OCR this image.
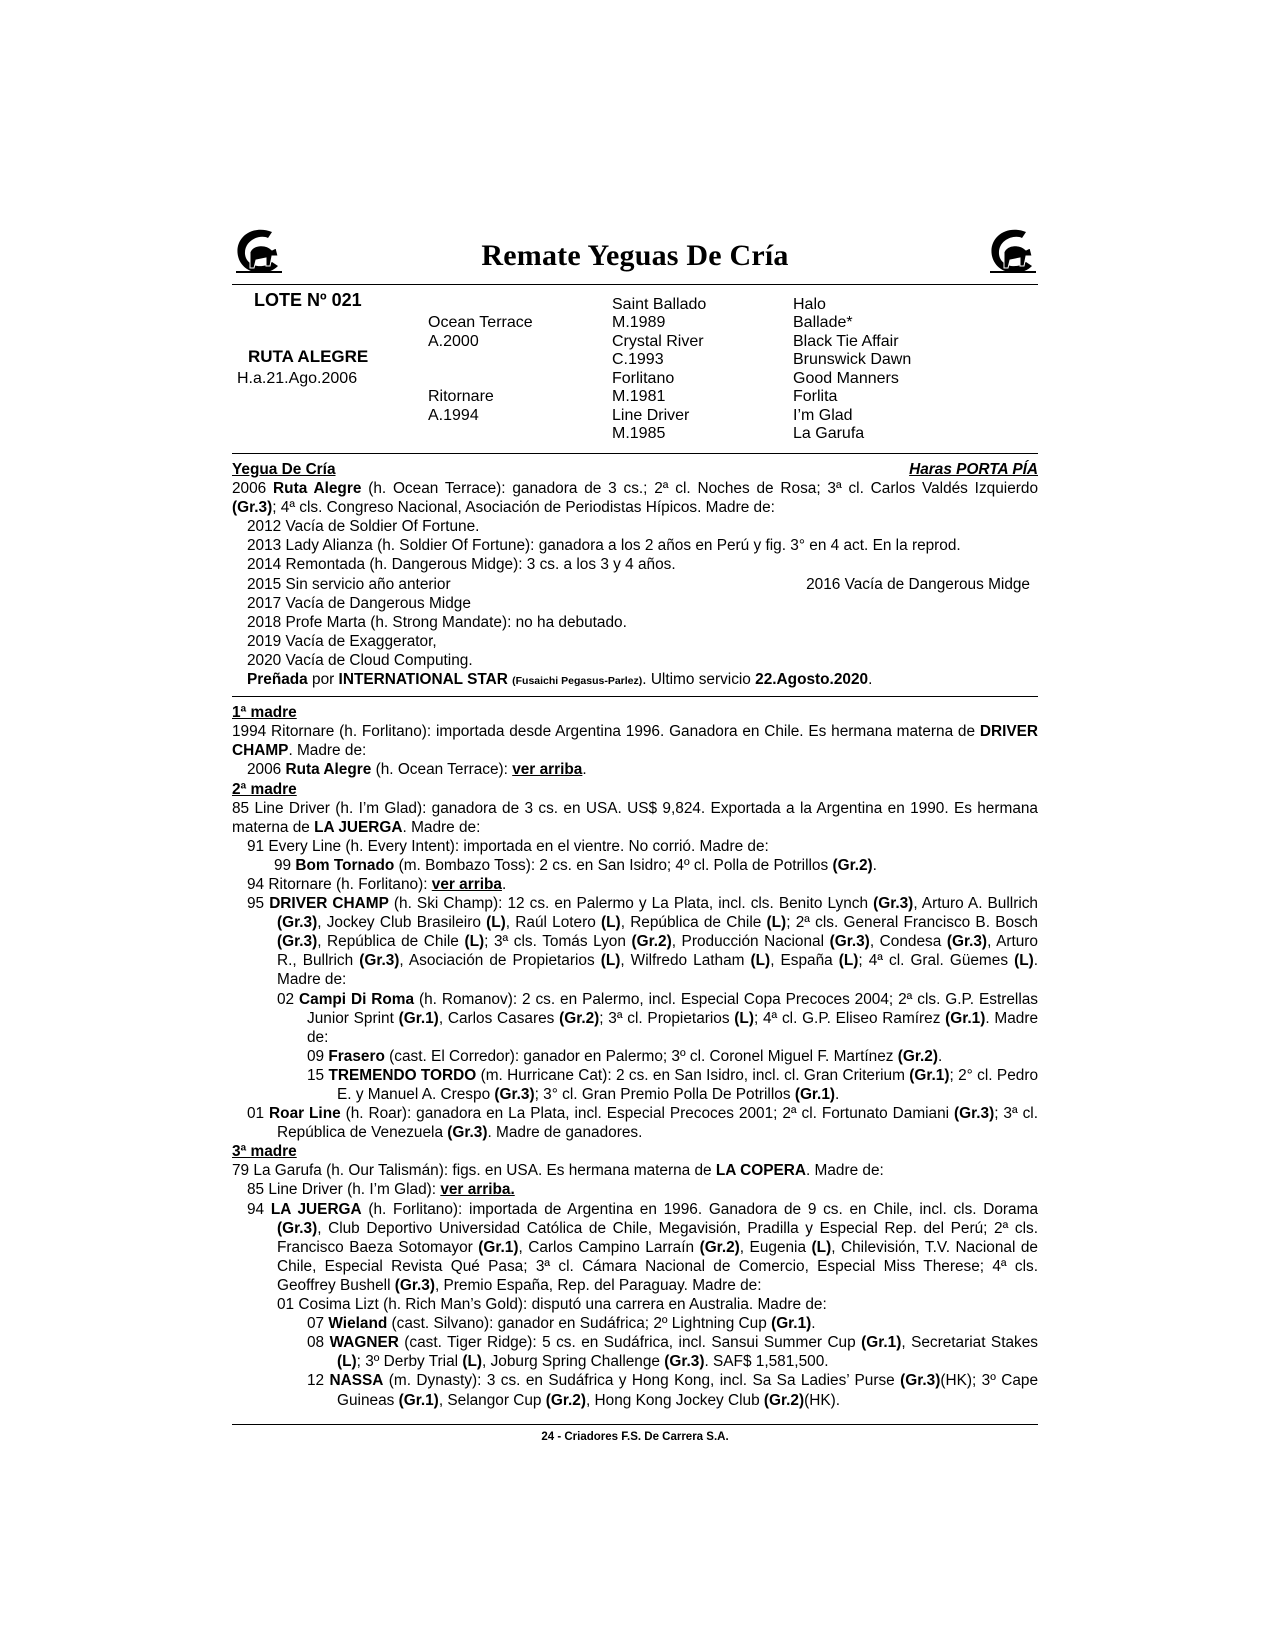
Remate Yeguas De Cría
LOTE Nº 021
RUTA ALEGRE
H.a.21.Ago.2006
Ocean Terrace
A.2000
Ritornare
A.1994
Saint Ballado
M.1989
Crystal River
C.1993
Forlitano
M.1981
Line Driver
M.1985
Halo
Ballade*
Black Tie Affair
Brunswick Dawn
Good Manners
Forlita
I’m Glad
La Garufa
Yegua De Cría	Haras PORTA PÍA
2006 Ruta Alegre (h. Ocean Terrace): ganadora de 3 cs.; 2ª cl. Noches de Rosa; 3ª cl. Carlos Valdés Izquierdo (Gr.3); 4ª cls. Congreso Nacional, Asociación de Periodistas Hípicos. Madre de:
2012 Vacía de Soldier Of Fortune.
2013 Lady Alianza (h. Soldier Of Fortune): ganadora a los 2 años en Perú y fig. 3° en 4 act. En la reprod.
2014 Remontada (h. Dangerous Midge): 3 cs. a los 3 y 4 años.
2015 Sin servicio año anterior	2016 Vacía de Dangerous Midge
2017 Vacía de Dangerous Midge
2018 Profe Marta (h. Strong Mandate): no ha debutado.
2019 Vacía de Exaggerator,
2020 Vacía de Cloud Computing.
Preñada por INTERNATIONAL STAR (Fusaichi Pegasus-Parlez). Ultimo servicio 22.Agosto.2020.
1ª madre
1994 Ritornare (h. Forlitano): importada desde Argentina 1996. Ganadora en Chile. Es hermana materna de DRIVER CHAMP. Madre de:
2006 Ruta Alegre (h. Ocean Terrace): ver arriba.
2ª madre
85 Line Driver (h. I’m Glad): ganadora de 3 cs. en USA. US$ 9,824. Exportada a la Argentina en 1990. Es hermana materna de LA JUERGA. Madre de:
91 Every Line (h. Every Intent): importada en el vientre. No corrió. Madre de:
99 Bom Tornado (m. Bombazo Toss): 2 cs. en San Isidro; 4º cl. Polla de Potrillos (Gr.2).
94 Ritornare (h. Forlitano): ver arriba.
95 DRIVER CHAMP (h. Ski Champ): 12 cs. en Palermo y La Plata, incl. cls. Benito Lynch (Gr.3), Arturo A. Bullrich (Gr.3), Jockey Club Brasileiro (L), Raúl Lotero (L), República de Chile (L); 2ª cls. General Francisco B. Bosch (Gr.3), República de Chile (L); 3ª cls. Tomás Lyon (Gr.2), Producción Nacional (Gr.3), Condesa (Gr.3), Arturo R., Bullrich (Gr.3), Asociación de Propietarios (L), Wilfredo Latham (L), España (L); 4ª cl. Gral. Güemes (L). Madre de:
02 Campi Di Roma (h. Romanov): 2 cs. en Palermo, incl. Especial Copa Precoces 2004; 2ª cls. G.P. Estrellas Junior Sprint (Gr.1), Carlos Casares (Gr.2); 3ª cl. Propietarios (L); 4ª cl. G.P. Eliseo Ramírez (Gr.1). Madre de:
09 Frasero (cast. El Corredor): ganador en Palermo; 3º cl. Coronel Miguel F. Martínez (Gr.2).
15 TREMENDO TORDO (m. Hurricane Cat): 2 cs. en San Isidro, incl. cl. Gran Criterium (Gr.1); 2° cl. Pedro E. y Manuel A. Crespo (Gr.3); 3° cl. Gran Premio Polla De Potrillos (Gr.1).
01 Roar Line (h. Roar): ganadora en La Plata, incl. Especial Precoces 2001; 2ª cl. Fortunato Damiani (Gr.3); 3ª cl. República de Venezuela (Gr.3). Madre de ganadores.
3ª madre
79 La Garufa (h. Our Talismán): figs. en USA. Es hermana materna de LA COPERA. Madre de:
85 Line Driver (h. I’m Glad): ver arriba.
94 LA JUERGA (h. Forlitano): importada de Argentina en 1996. Ganadora de 9 cs. en Chile, incl. cls. Dorama (Gr.3), Club Deportivo Universidad Católica de Chile, Megavisión, Pradilla y Especial Rep. del Perú; 2ª cls. Francisco Baeza Sotomayor (Gr.1), Carlos Campino Larraín (Gr.2), Eugenia (L), Chilevisión, T.V. Nacional de Chile, Especial Revista Qué Pasa; 3ª cl. Cámara Nacional de Comercio, Especial Miss Therese; 4ª cls. Geoffrey Bushell (Gr.3), Premio España, Rep. del Paraguay. Madre de:
01 Cosima Lizt (h. Rich Man’s Gold): disputó una carrera en Australia. Madre de:
07 Wieland (cast. Silvano): ganador en Sudáfrica; 2º Lightning Cup (Gr.1).
08 WAGNER (cast. Tiger Ridge): 5 cs. en Sudáfrica, incl. Sansui Summer Cup (Gr.1), Secretariat Stakes (L); 3º Derby Trial (L), Joburg Spring Challenge (Gr.3). SAF$ 1,581,500.
12 NASSA (m. Dynasty): 3 cs. en Sudáfrica y Hong Kong, incl. Sa Sa Ladies’ Purse (Gr.3)(HK); 3º Cape Guineas (Gr.1), Selangor Cup (Gr.2), Hong Kong Jockey Club (Gr.2)(HK).
24 - Criadores F.S. De Carrera S.A.
